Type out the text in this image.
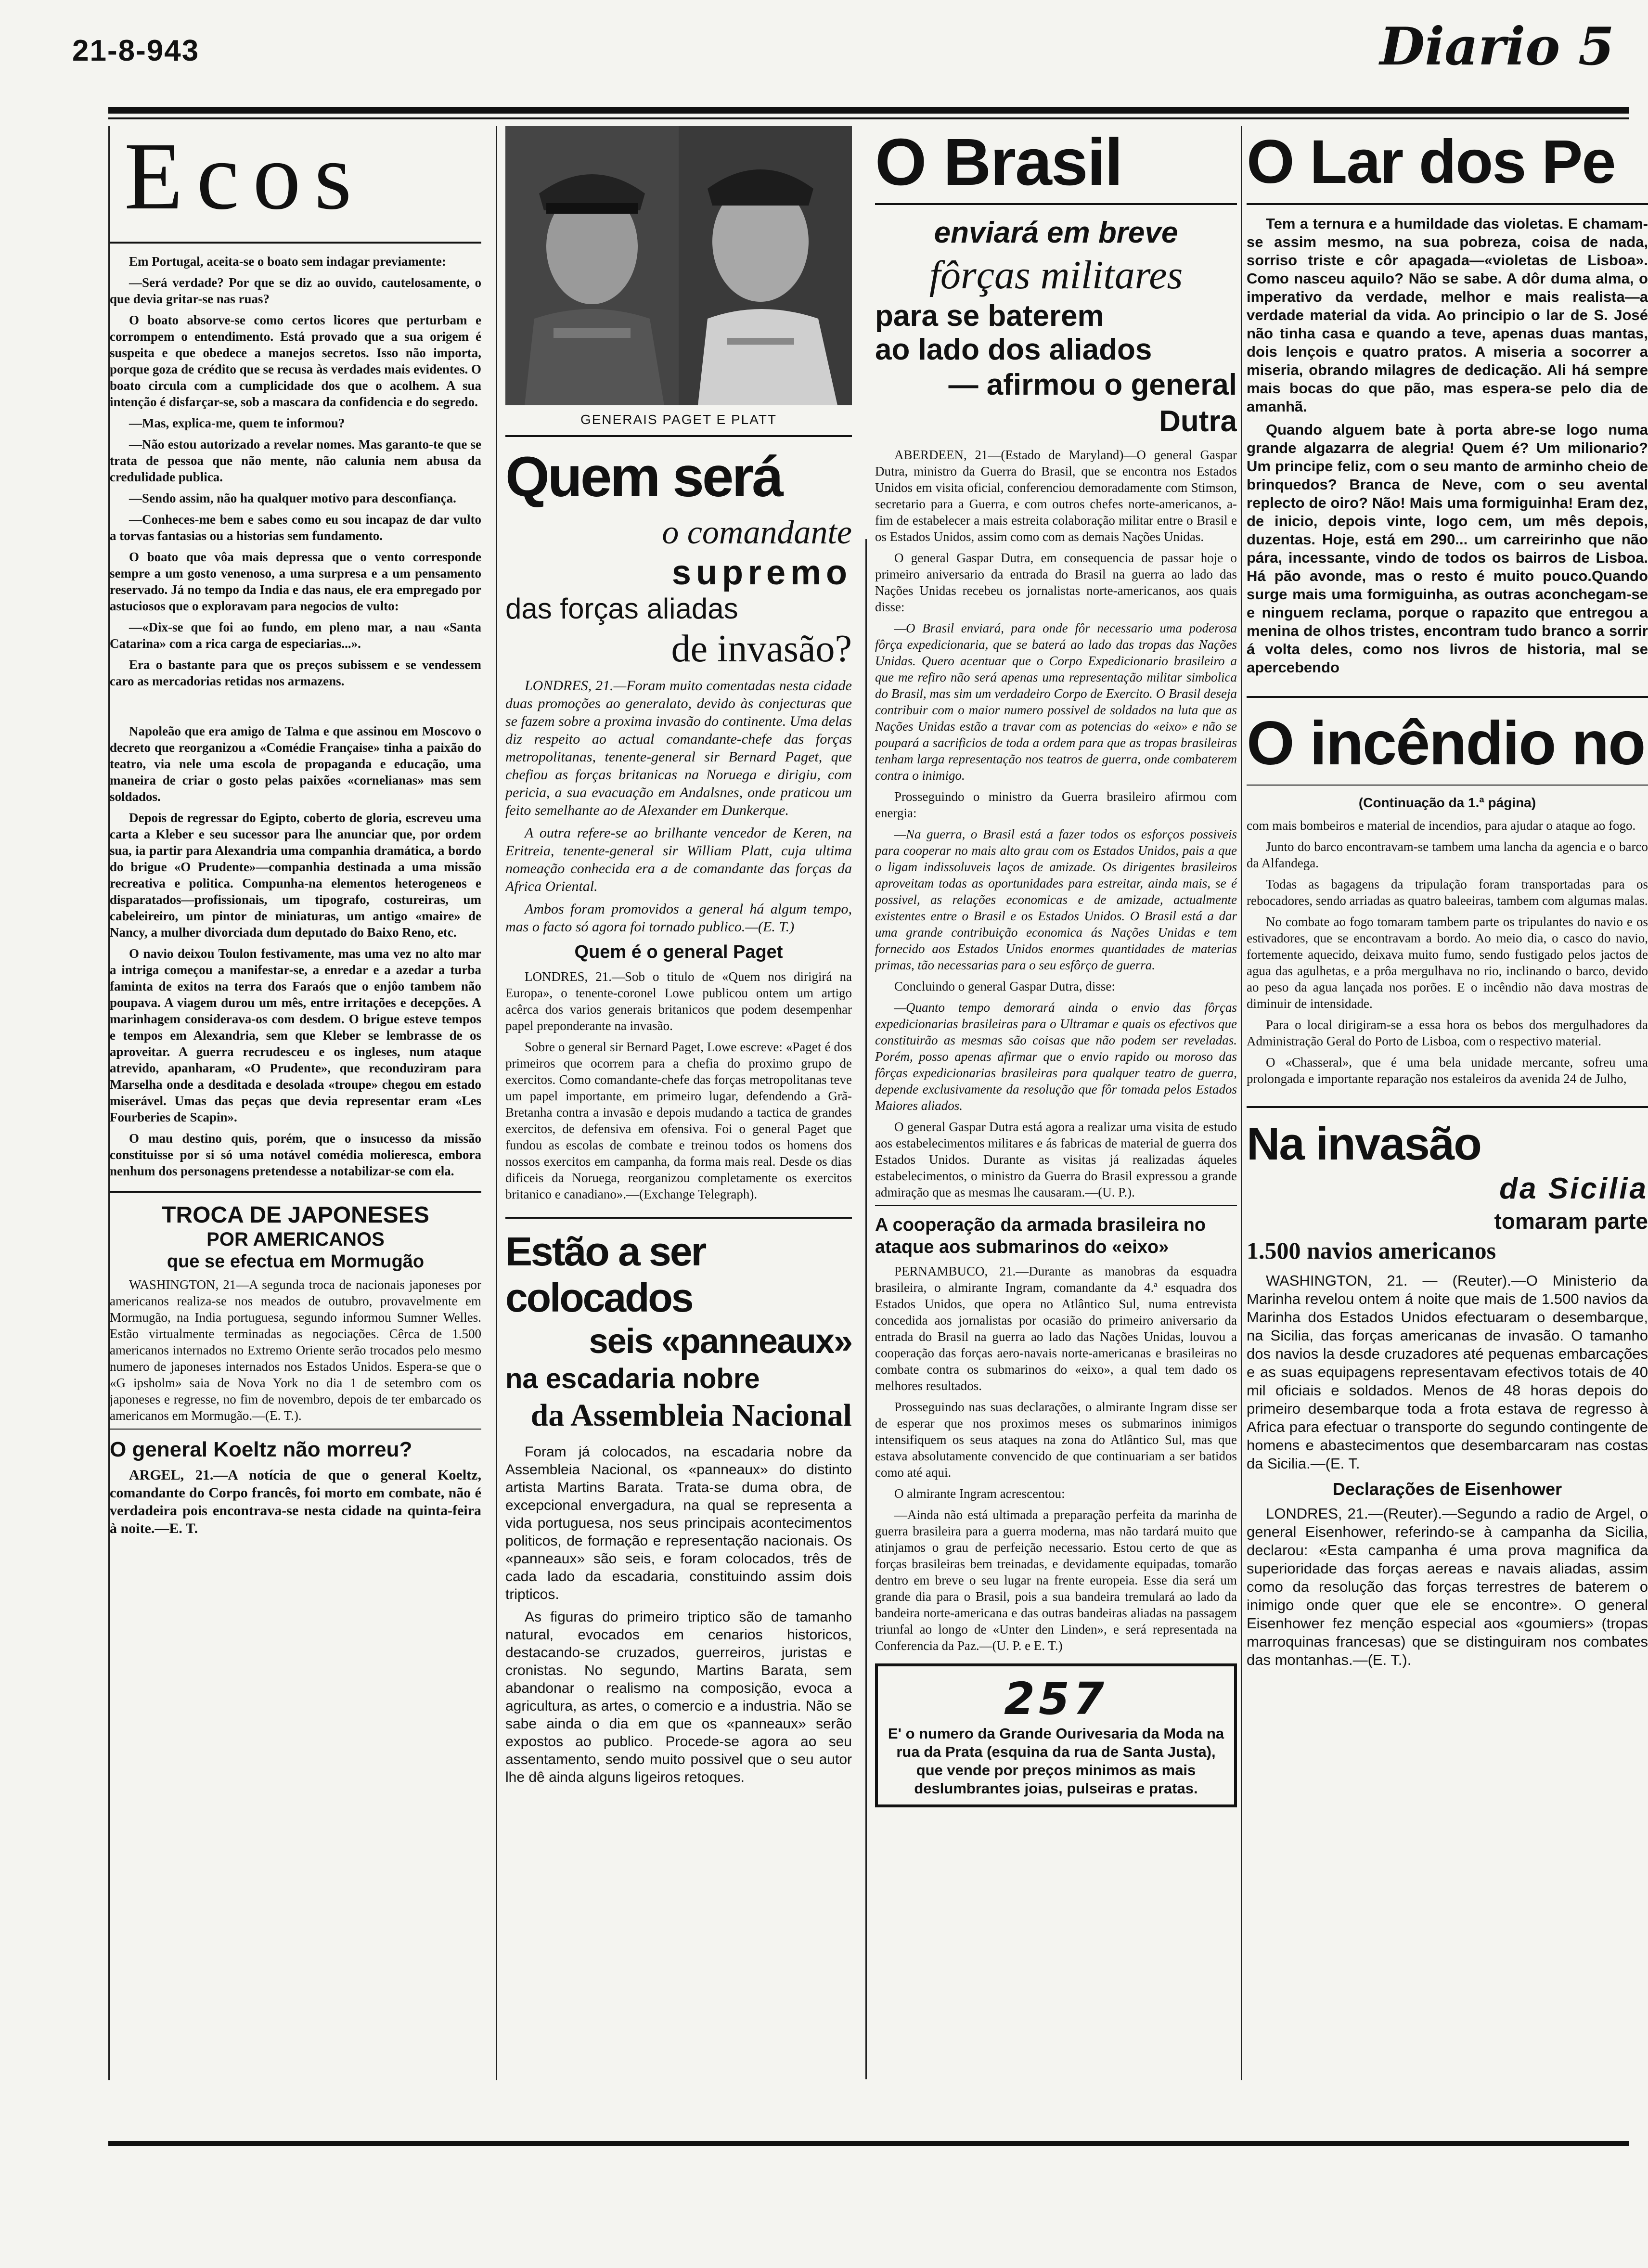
21-8-943	Diario 5
Ecos

Em Portugal, aceita-se o boato sem indagar previamente:

—Será verdade? Por que se diz ao ouvido, cautelosamente, o que devia gritar-se nas ruas?

O boato absorve-se como certos licores que perturbam e corrompem o entendimento. Está provado que a sua origem é suspeita e que obedece a manejos secretos. Isso não importa, porque goza de crédito que se recusa às verdades mais evidentes. O boato circula com a cumplicidade dos que o acolhem. A sua intenção é disfarçar-se, sob a mascara da confidencia e do segredo.

—Mas, explica-me, quem te informou?

—Não estou autorizado a revelar nomes. Mas garanto-te que se trata de pessoa que não mente, não calunia nem abusa da credulidade publica.

—Sendo assim, não ha qualquer motivo para desconfiança.

—Conheces-me bem e sabes como eu sou incapaz de dar vulto a torvas fantasias ou a historias sem fundamento.

O boato que vôa mais depressa que o vento corresponde sempre a um gosto venenoso, a uma surpresa e a um pensamento reservado. Já no tempo da India e das naus, ele era empregado por astuciosos que o exploravam para negocios de vulto:

—«Dix-se que foi ao fundo, em pleno mar, a nau «Santa Catarina» com a rica carga de especiarias...».

Era o bastante para que os preços subissem e se vendessem caro as mercadorias retidas nos armazens.

Napoleão que era amigo de Talma e que assinou em Moscovo o decreto que reorganizou a «Comédie Française» tinha a paixão do teatro, via nele uma escola de propaganda e educação, uma maneira de criar o gosto pelas paixões «cornelianas» mas sem soldados.

Depois de regressar do Egipto, coberto de gloria, escreveu uma carta a Kleber e seu sucessor para lhe anunciar que, por ordem sua, ia partir para Alexandria uma companhia dramática, a bordo do brigue «O Prudente»—companhia destinada a uma missão recreativa e politica. Compunha-na elementos heterogeneos e disparatados—profissionais, um tipografo, costureiras, um cabeleireiro, um pintor de miniaturas, um antigo «maire» de Nancy, a mulher divorciada dum deputado do Baixo Reno, etc.

O navio deixou Toulon festivamente, mas uma vez no alto mar a intriga começou a manifestar-se, a enredar e a azedar a turba faminta de exitos na terra dos Faraós que o enjôo tambem não poupava. A viagem durou um mês, entre irritações e decepções. A marinhagem considerava-os com desdem. O brigue esteve tempos e tempos em Alexandria, sem que Kleber se lembrasse de os aproveitar. A guerra recrudesceu e os ingleses, num ataque atrevido, apanharam, «O Prudente», que reconduziram para Marselha onde a desditada e desolada «troupe» chegou em estado miserável. Umas das peças que devia representar eram «Les Fourberies de Scapin».

O mau destino quis, porém, que o insucesso da missão constituisse por si só uma notável comédia molieresca, embora nenhum dos personagens pretendesse a notabilizar-se com ela.

TROCA DE JAPONESES
POR AMERICANOS
que se efectua em Mormugão

WASHINGTON, 21—A segunda troca de nacionais japoneses por americanos realiza-se nos meados de outubro, provavelmente em Mormugão, na India portuguesa, segundo informou Sumner Welles. Estão virtualmente terminadas as negociações. Cêrca de 1.500 americanos internados no Extremo Oriente serão trocados pelo mesmo numero de japoneses internados nos Estados Unidos. Espera-se que o «G ipsholm» saia de Nova York no dia 1 de setembro com os japoneses e regresse, no fim de novembro, depois de ter embarcado os americanos em Mormugão.—(E. T.).

O general Koeltz não morreu?

ARGEL, 21.—A notícia de que o general Koeltz, comandante do Corpo francês, foi morto em combate, não é verdadeira pois encontrava-se nesta cidade na quinta-feira à noite.—E. T.

GENERAIS PAGET E PLATT
Quem será
o comandante
supremo
das forças aliadas
de invasão?

LONDRES, 21.—Foram muito comentadas nesta cidade duas promoções ao generalato, devido às conjecturas que se fazem sobre a proxima invasão do continente. Uma delas diz respeito ao actual comandante-chefe das forças metropolitanas, tenente-general sir Bernard Paget, que chefiou as forças britanicas na Noruega e dirigiu, com pericia, a sua evacuação em Andalsnes, onde praticou um feito semelhante ao de Alexander em Dunkerque.

A outra refere-se ao brilhante vencedor de Keren, na Eritreia, tenente-general sir William Platt, cuja ultima nomeação conhecida era a de comandante das forças da Africa Oriental.

Ambos foram promovidos a general há algum tempo, mas o facto só agora foi tornado publico.—(E. T.)

Quem é o general Paget

LONDRES, 21.—Sob o titulo de «Quem nos dirigirá na Europa», o tenente-coronel Lowe publicou ontem um artigo acêrca dos varios generais britanicos que podem desempenhar papel preponderante na invasão.

Sobre o general sir Bernard Paget, Lowe escreve: «Paget é dos primeiros que ocorrem para a chefia do proximo grupo de exercitos. Como comandante-chefe das forças metropolitanas teve um papel importante, em primeiro lugar, defendendo a Grã-Bretanha contra a invasão e depois mudando a tactica de grandes exercitos, de defensiva em ofensiva. Foi o general Paget que fundou as escolas de combate e treinou todos os homens dos nossos exercitos em campanha, da forma mais real. Desde os dias dificeis da Noruega, reorganizou completamente os exercitos britanico e canadiano».—(Exchange Telegraph).

Estão a ser colocados
seis «panneaux»
na escadaria nobre
da Assembleia Nacional

Foram já colocados, na escadaria nobre da Assembleia Nacional, os «panneaux» do distinto artista Martins Barata. Trata-se duma obra, de excepcional envergadura, na qual se representa a vida portuguesa, nos seus principais acontecimentos politicos, de formação e representação nacionais. Os «panneaux» são seis, e foram colocados, três de cada lado da escadaria, constituindo assim dois tripticos.

As figuras do primeiro triptico são de tamanho natural, evocados em cenarios historicos, destacando-se cruzados, guerreiros, juristas e cronistas. No segundo, Martins Barata, sem abandonar o realismo na composição, evoca a agricultura, as artes, o comercio e a industria. Não se sabe ainda o dia em que os «panneaux» serão expostos ao publico. Procede-se agora ao seu assentamento, sendo muito possivel que o seu autor lhe dê ainda alguns ligeiros retoques.

O Brasil
enviará em breve
fôrças militares
para se baterem
ao lado dos aliados
— afirmou o general Dutra

ABERDEEN, 21—(Estado de Maryland)—O general Gaspar Dutra, ministro da Guerra do Brasil, que se encontra nos Estados Unidos em visita oficial, conferenciou demoradamente com Stimson, secretario para a Guerra, e com outros chefes norte-americanos, a-fim de estabelecer a mais estreita colaboração militar entre o Brasil e os Estados Unidos, assim como com as demais Nações Unidas.

O general Gaspar Dutra, em consequencia de passar hoje o primeiro aniversario da entrada do Brasil na guerra ao lado das Nações Unidas recebeu os jornalistas norte-americanos, aos quais disse:

—O Brasil enviará, para onde fôr necessario uma poderosa fôrça expedicionaria, que se baterá ao lado das tropas das Nações Unidas. Quero acentuar que o Corpo Expedicionario brasileiro a que me refiro não será apenas uma representação militar simbolica do Brasil, mas sim um verdadeiro Corpo de Exercito. O Brasil deseja contribuir com o maior numero possivel de soldados na luta que as Nações Unidas estão a travar com as potencias do «eixo» e não se poupará a sacrificios de toda a ordem para que as tropas brasileiras tenham larga representação nos teatros de guerra, onde combaterem contra o inimigo.

Prosseguindo o ministro da Guerra brasileiro afirmou com energia:

—Na guerra, o Brasil está a fazer todos os esforços possiveis para cooperar no mais alto grau com os Estados Unidos, pais a que o ligam indissoluveis laços de amizade. Os dirigentes brasileiros aproveitam todas as oportunidades para estreitar, ainda mais, se é possivel, as relações economicas e de amizade, actualmente existentes entre o Brasil e os Estados Unidos. O Brasil está a dar uma grande contribuição economica ás Nações Unidas e tem fornecido aos Estados Unidos enormes quantidades de materias primas, tão necessarias para o seu esfôrço de guerra.

Concluindo o general Gaspar Dutra, disse:

—Quanto tempo demorará ainda o envio das fôrças expedicionarias brasileiras para o Ultramar e quais os efectivos que constituirão as mesmas são coisas que não podem ser reveladas. Porém, posso apenas afirmar que o envio rapido ou moroso das fôrças expedicionarias brasileiras para qualquer teatro de guerra, depende exclusivamente da resolução que fôr tomada pelos Estados Maiores aliados.

O general Gaspar Dutra está agora a realizar uma visita de estudo aos estabelecimentos militares e ás fabricas de material de guerra dos Estados Unidos. Durante as visitas já realizadas áqueles estabelecimentos, o ministro da Guerra do Brasil expressou a grande admiração que as mesmas lhe causaram.—(U. P.).

A cooperação da armada brasileira no ataque aos submarinos do «eixo»

PERNAMBUCO, 21.—Durante as manobras da esquadra brasileira, o almirante Ingram, comandante da 4.ª esquadra dos Estados Unidos, que opera no Atlântico Sul, numa entrevista concedida aos jornalistas por ocasião do primeiro aniversario da entrada do Brasil na guerra ao lado das Nações Unidas, louvou a cooperação das forças aero-navais norte-americanas e brasileiras no combate contra os submarinos do «eixo», a qual tem dado os melhores resultados.

Prosseguindo nas suas declarações, o almirante Ingram disse ser de esperar que nos proximos meses os submarinos inimigos intensifiquem os seus ataques na zona do Atlântico Sul, mas que estava absolutamente convencido de que continuariam a ser batidos como até aqui.

O almirante Ingram acrescentou:

—Ainda não está ultimada a preparação perfeita da marinha de guerra brasileira para a guerra moderna, mas não tardará muito que atinjamos o grau de perfeição necessario. Estou certo de que as forças brasileiras bem treinadas, e devidamente equipadas, tomarão dentro em breve o seu lugar na frente europeia. Esse dia será um grande dia para o Brasil, pois a sua bandeira tremulará ao lado da bandeira norte-americana e das outras bandeiras aliadas na passagem triunfal ao longo de «Unter den Linden», e será representada na Conferencia da Paz.—(U. P. e E. T.)

257
E' o numero da Grande Ourivesaria da Moda na rua da Prata (esquina da rua de Santa Justa), que vende por preços minimos as mais deslumbrantes joias, pulseiras e pratas.
O Lar dos Pe

Tem a ternura e a humildade das violetas. E chamam-se assim mesmo, na sua pobreza, coisa de nada, sorriso triste e côr apagada—«violetas de Lisboa». Como nasceu aquilo? Não se sabe. A dôr duma alma, o imperativo da verdade, melhor e mais realista—a verdade material da vida. Ao principio o lar de S. José não tinha casa e quando a teve, apenas duas mantas, dois lençois e quatro pratos. A miseria a socorrer a miseria, obrando milagres de dedicação. Ali há sempre mais bocas do que pão, mas espera-se pelo dia de amanhã.

Quando alguem bate à porta abre-se logo numa grande algazarra de alegria! Quem é? Um milionario? Um principe feliz, com o seu manto de arminho cheio de brinquedos? Branca de Neve, com o seu avental replecto de oiro? Não! Mais uma formiguinha! Eram dez, de inicio, depois vinte, logo cem, um mês depois, duzentas. Hoje, está em 290... um carreirinho que não pára, incessante, vindo de todos os bairros de Lisboa. Há pão avonde, mas o resto é muito pouco.Quando surge mais uma formiguinha, as outras aconchegam-se e ninguem reclama, porque o rapazito que entregou a menina de olhos tristes, encontram tudo branco a sorrir á volta deles, como nos livros de historia, mal se apercebendo

O incêndio no
(Continuação da 1.ª página)

com mais bombeiros e material de incendios, para ajudar o ataque ao fogo.

Junto do barco encontravam-se tambem uma lancha da agencia e o barco da Alfandega.

Todas as bagagens da tripulação foram transportadas para os rebocadores, sendo arriadas as quatro baleeiras, tambem com algumas malas.

No combate ao fogo tomaram tambem parte os tripulantes do navio e os estivadores, que se encontravam a bordo. Ao meio dia, o casco do navio, fortemente aquecido, deixava muito fumo, sendo fustigado pelos jactos de agua das agulhetas, e a prôa mergulhava no rio, inclinando o barco, devido ao peso da agua lançada nos porões. E o incêndio não dava mostras de diminuir de intensidade.

Para o local dirigiram-se a essa hora os bebos dos mergulhadores da Administração Geral do Porto de Lisboa, com o respectivo material.

O «Chasseral», que é uma bela unidade mercante, sofreu uma prolongada e importante reparação nos estaleiros da avenida 24 de Julho,

Na invasão
da Sicilia
tomaram parte
1.500 navios americanos

WASHINGTON, 21. — (Reuter).—O Ministerio da Marinha revelou ontem á noite que mais de 1.500 navios da Marinha dos Estados Unidos efectuaram o desembarque, na Sicilia, das forças americanas de invasão. O tamanho dos navios la desde cruzadores até pequenas embarcações e as suas equipagens representavam efectivos totais de 40 mil oficiais e soldados. Menos de 48 horas depois do primeiro desembarque toda a frota estava de regresso à Africa para efectuar o transporte do segundo contingente de homens e abastecimentos que desembarcaram nas costas da Sicilia.—(E. T.

Declarações de Eisenhower

LONDRES, 21.—(Reuter).—Segundo a radio de Argel, o general Eisenhower, referindo-se à campanha da Sicilia, declarou: «Esta campanha é uma prova magnifica da superioridade das forças aereas e navais aliadas, assim como da resolução das forças terrestres de baterem o inimigo onde quer que ele se encontre». O general Eisenhower fez menção especial aos «goumiers» (tropas marroquinas francesas) que se distinguiram nos combates das montanhas.—(E. T.).
